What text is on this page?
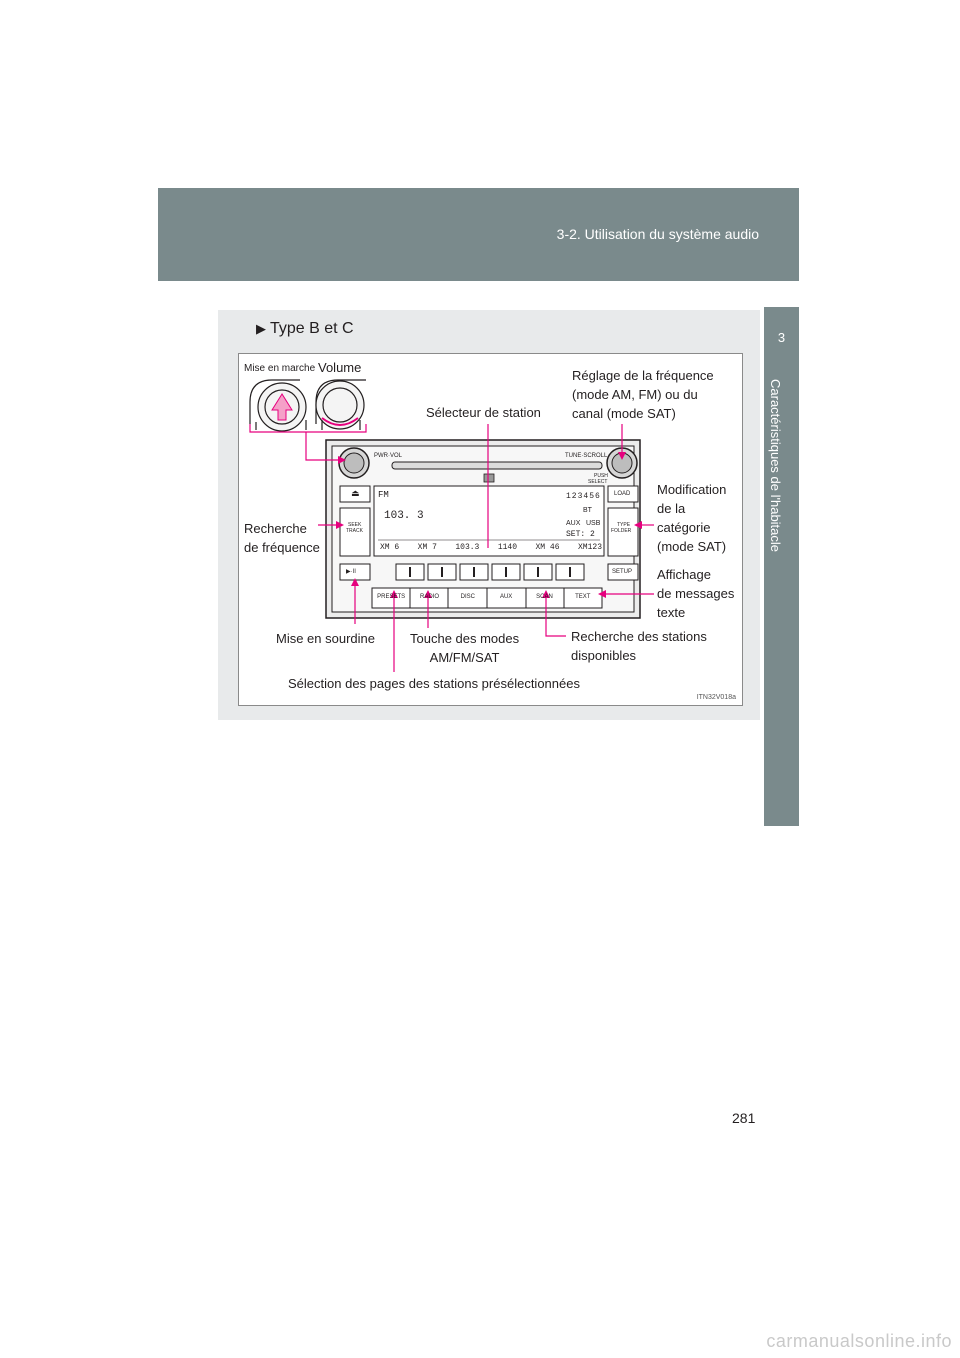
3-2. Utilisation du système audio
3
Caractéristiques de l'habitacle
▶ Type B et C
ITN32V018a
PWR·VOL	TUNE·SCROLL
PUSH
SELECT
⏏	LOAD
SETUP
SEEK
TRACK
TYPE
FOLDER
▶·II
FM
103. 3
123456
BT
AUX USB
SET: 2
XM 6 XM 7 103.3 1140 XM 46 XM123
PRESETS	RADIO	DISC	AUX	SCAN	TEXT
Mise en marche Volume
Sélecteur de station
Réglage de la fréquence
(mode AM, FM) ou du
canal (mode SAT)
Modification
de la
catégorie
(mode SAT)
Recherche
de fréquence
Affichage
de messages
texte
Mise en sourdine	Touche des modes
AM/FM/SAT
Recherche des stations
disponibles
Sélection des pages des stations présélectionnées
281
carmanualsonline.info
